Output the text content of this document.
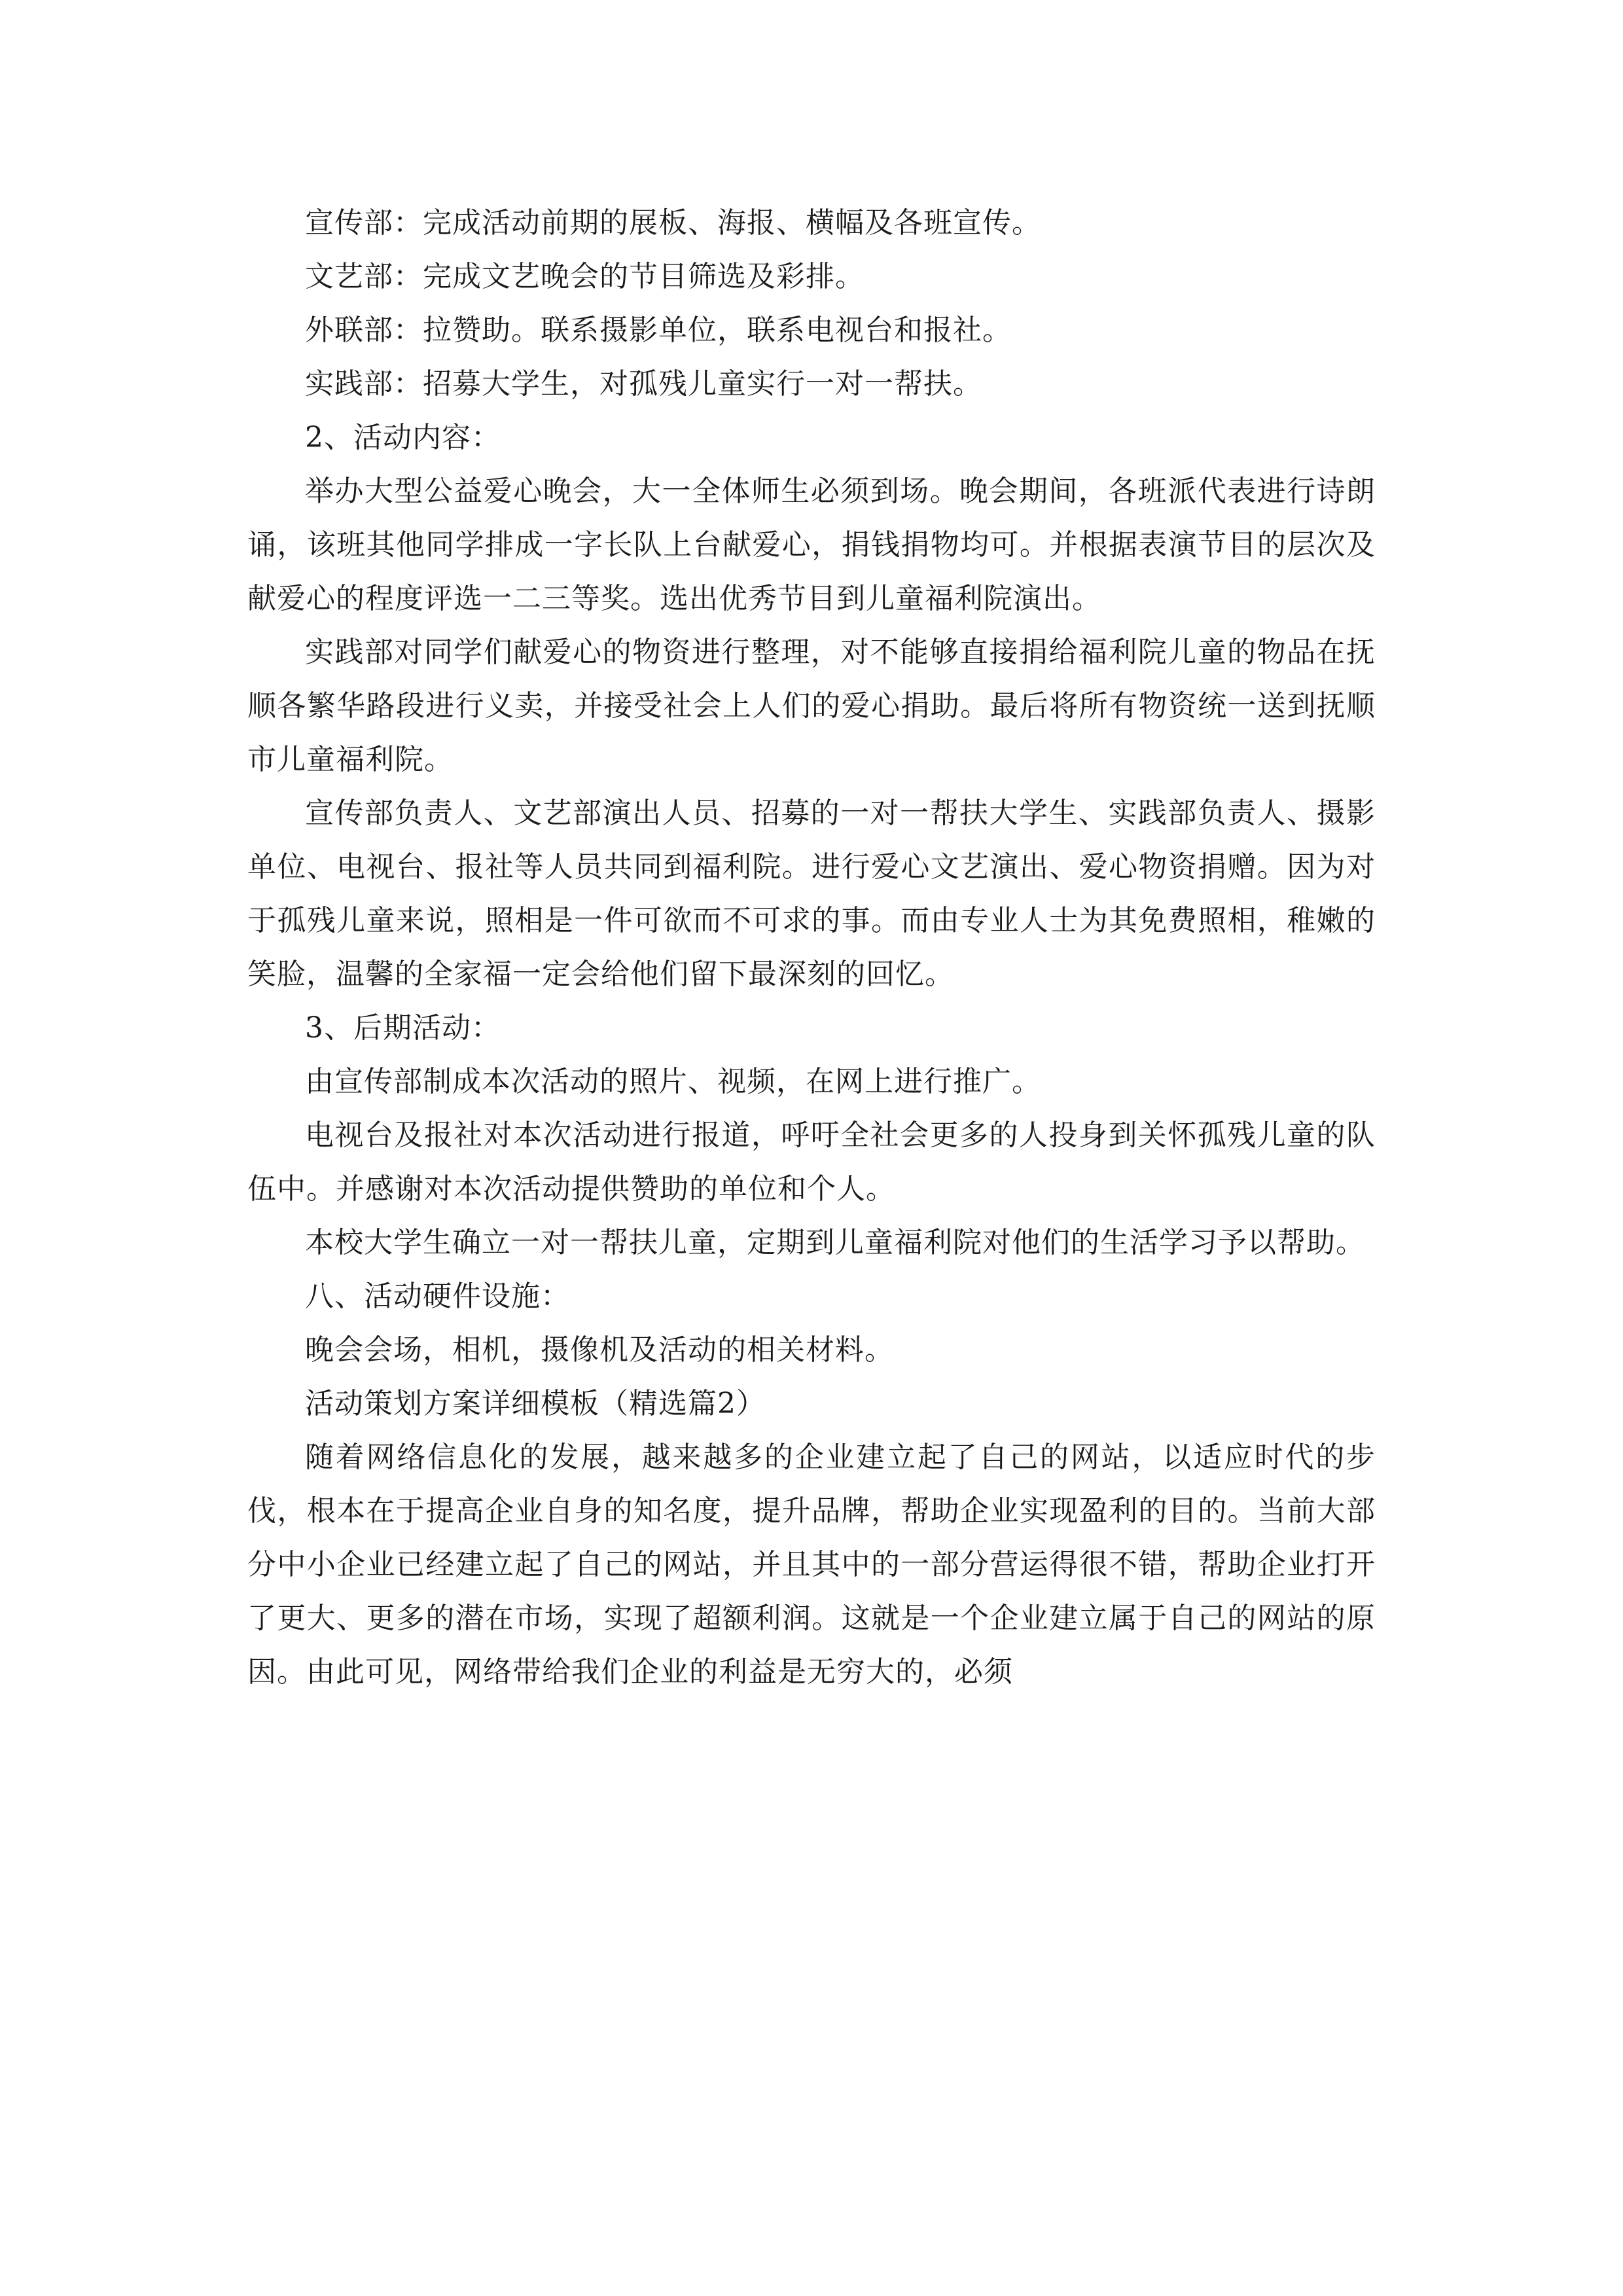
宣传部：完成活动前期的展板、海报、横幅及各班宣传。

文艺部：完成文艺晚会的节目筛选及彩排。

外联部：拉赞助。联系摄影单位，联系电视台和报社。

实践部：招募大学生，对孤残儿童实行一对一帮扶。

2、活动内容：

举办大型公益爱心晚会，大一全体师生必须到场。晚会期间，各班派代表进行诗朗诵，该班其他同学排成一字长队上台献爱心，捐钱捐物均可。并根据表演节目的层次及献爱心的程度评选一二三等奖。选出优秀节目到儿童福利院演出。

实践部对同学们献爱心的物资进行整理，对不能够直接捐给福利院儿童的物品在抚顺各繁华路段进行义卖，并接受社会上人们的爱心捐助。最后将所有物资统一送到抚顺市儿童福利院。

宣传部负责人、文艺部演出人员、招募的一对一帮扶大学生、实践部负责人、摄影单位、电视台、报社等人员共同到福利院。进行爱心文艺演出、爱心物资捐赠。因为对于孤残儿童来说，照相是一件可欲而不可求的事。而由专业人士为其免费照相，稚嫩的笑脸，温馨的全家福一定会给他们留下最深刻的回忆。

3、后期活动：

由宣传部制成本次活动的照片、视频，在网上进行推广。

电视台及报社对本次活动进行报道，呼吁全社会更多的人投身到关怀孤残儿童的队伍中。并感谢对本次活动提供赞助的单位和个人。

本校大学生确立一对一帮扶儿童，定期到儿童福利院对他们的生活学习予以帮助。

八、活动硬件设施：

晚会会场，相机，摄像机及活动的相关材料。

活动策划方案详细模板（精选篇2）

随着网络信息化的发展，越来越多的企业建立起了自己的网站，以适应时代的步伐，根本在于提高企业自身的知名度，提升品牌，帮助企业实现盈利的目的。当前大部分中小企业已经建立起了自己的网站，并且其中的一部分营运得很不错，帮助企业打开了更大、更多的潜在市场，实现了超额利润。这就是一个企业建立属于自己的网站的原因。由此可见，网络带给我们企业的利益是无穷大的，必须
